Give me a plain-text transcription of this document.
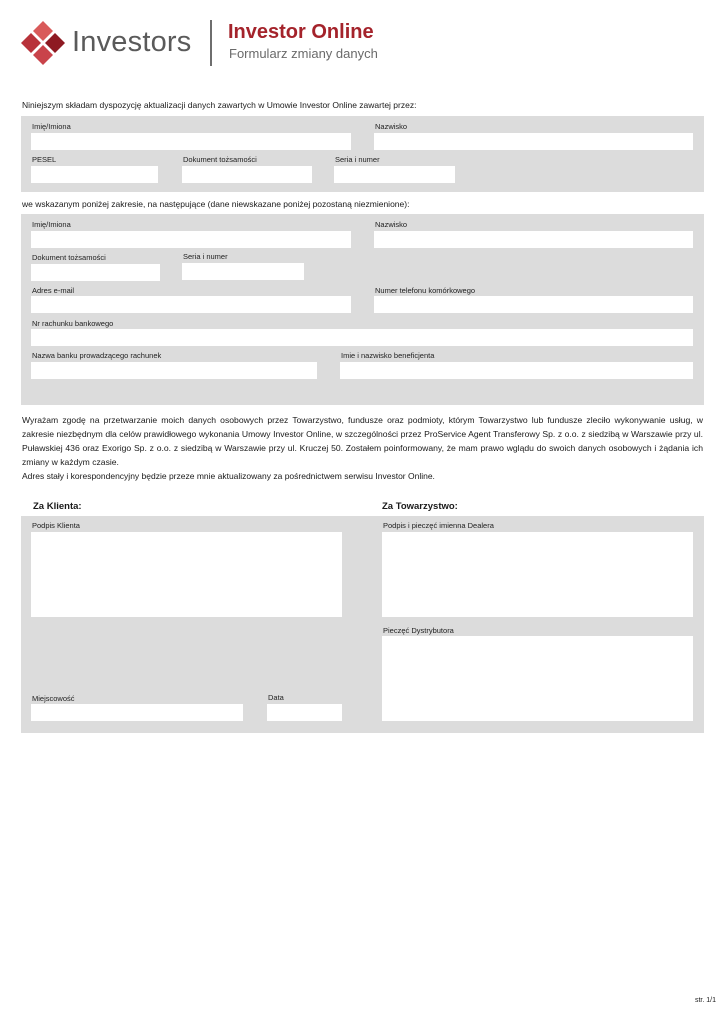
Investors Investor Online
Formularz zmiany danych
Niniejszym składam dyspozycję aktualizacji danych zawartych w Umowie Investor Online zawartej przez:
Imię/Imiona	Nazwisko
PESEL	Dokument tożsamości	Seria i numer
we wskazanym poniżej zakresie, na następujące (dane niewskazane poniżej pozostaną niezmienione):
Imię/Imiona	Nazwisko
Dokument tożsamości	Seria i numer
Adres e-mail	Numer telefonu komórkowego
Nr rachunku bankowego
Nazwa banku prowadzącego rachunek	Imie i nazwisko beneficjenta
Wyrażam zgodę na przetwarzanie moich danych osobowych przez Towarzystwo, fundusze oraz podmioty, którym Towarzystwo lub fundusze zleciło wykonywanie usług, w zakresie niezbędnym dla celów prawidłowego wykonania Umowy Investor Online, w szczególności przez ProService Agent Transferowy Sp. z o.o. z siedzibą w Warszawie przy ul. Puławskiej 436 oraz Exorigo Sp. z o.o. z siedzibą w Warszawie przy ul. Kruczej 50. Zostałem poinformowany, że mam prawo wglądu do swoich danych osobowych i żądania ich zmiany w każdym czasie.
Adres stały i korespondencyjny będzie przeze mnie aktualizowany za pośrednictwem serwisu Investor Online.
Za Klienta:	Za Towarzystwo:
Podpis Klienta	Podpis i pieczęć imienna Dealera
Pieczęć Dystrybutora
Miejscowość	Data
str. 1/1
